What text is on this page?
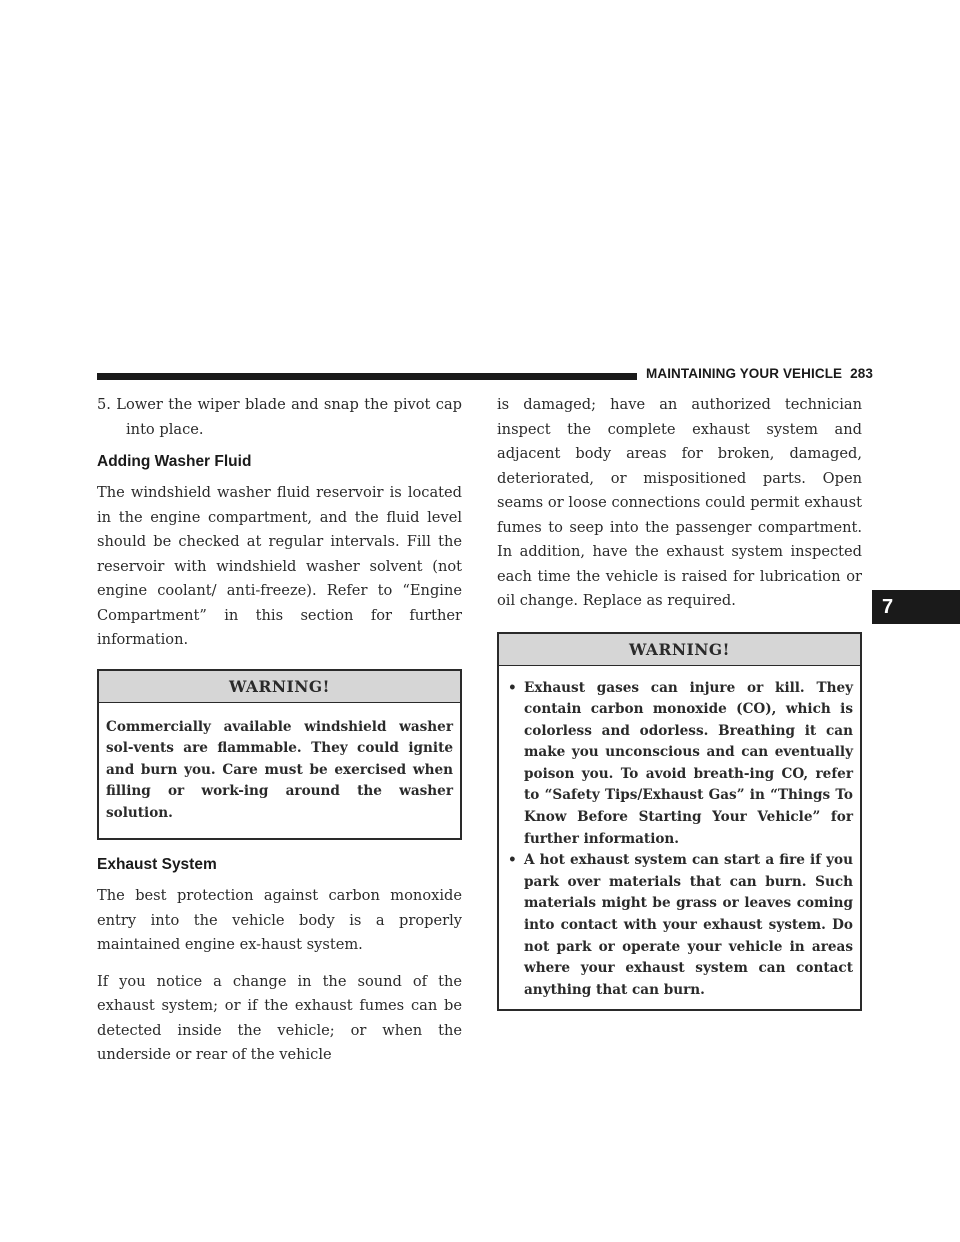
MAINTAINING YOUR VEHICLE 283
7
5. Lower the wiper blade and snap the pivot cap into place.
Adding Washer Fluid

The windshield washer fluid reservoir is located in the engine compartment, and the fluid level should be checked at regular intervals. Fill the reservoir with windshield washer solvent (not engine coolant/ anti-freeze). Refer to “Engine Compartment” in this section for further information.

WARNING!

Commercially available windshield washer sol-vents are flammable. They could ignite and burn you. Care must be exercised when filling or work-ing around the washer solution.

Exhaust System

The best protection against carbon monoxide entry into the vehicle body is a properly maintained engine ex-haust system.

If you notice a change in the sound of the exhaust system; or if the exhaust fumes can be detected inside the vehicle; or when the underside or rear of the vehicle

is damaged; have an authorized technician inspect the complete exhaust system and adjacent body areas for broken, damaged, deteriorated, or mispositioned parts. Open seams or loose connections could permit exhaust fumes to seep into the passenger compartment. In addition, have the exhaust system inspected each time the vehicle is raised for lubrication or oil change. Replace as required.

WARNING!
• Exhaust gases can injure or kill. They contain carbon monoxide (CO), which is colorless and odorless. Breathing it can make you unconscious and can eventually poison you. To avoid breath-ing CO, refer to “Safety Tips/Exhaust Gas” in “Things To Know Before Starting Your Vehicle” for further information.
• A hot exhaust system can start a fire if you park over materials that can burn. Such materials might be grass or leaves coming into contact with your exhaust system. Do not park or operate your vehicle in areas where your exhaust system can contact anything that can burn.
